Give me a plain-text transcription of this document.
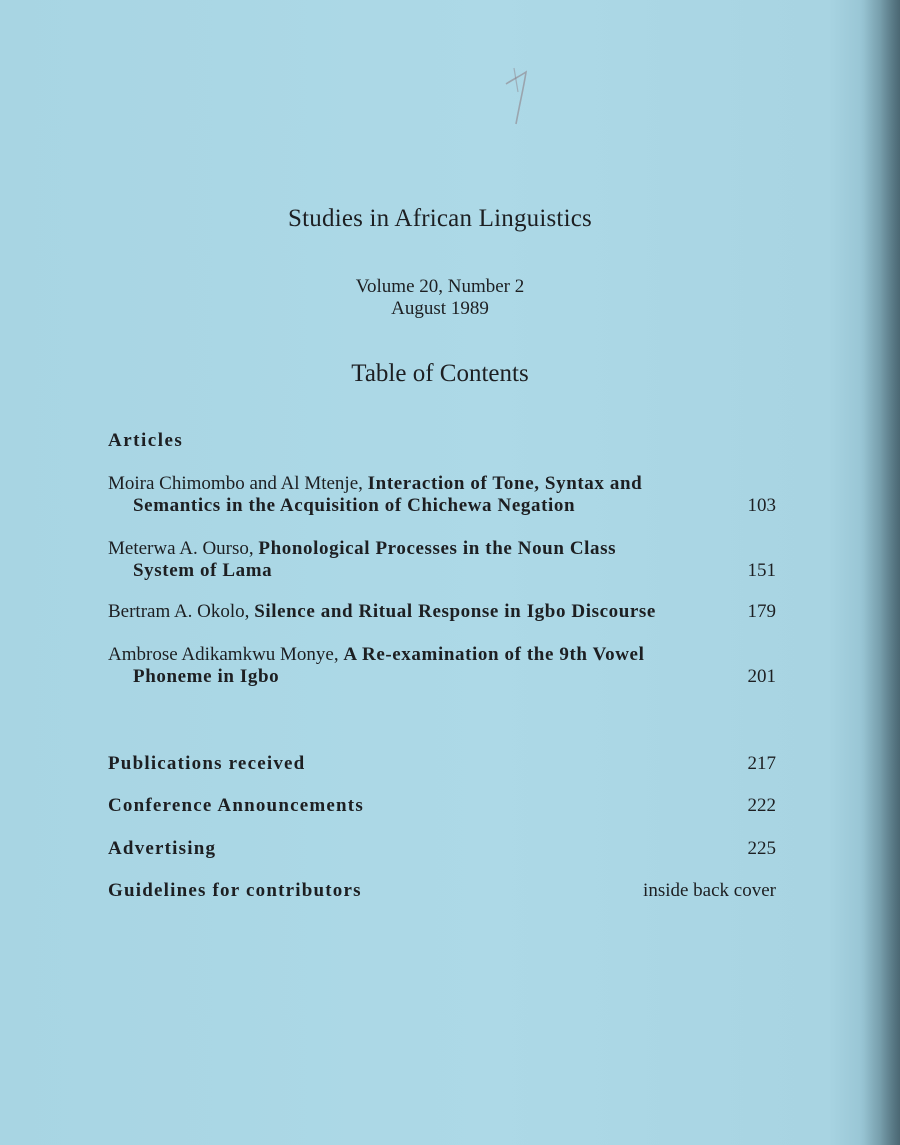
Studies in African Linguistics
Volume 20, Number 2
August 1989
Table of Contents
Articles
Moira Chimombo and Al Mtenje, Interaction of Tone, Syntax and
Semantics in the Acquisition of Chichewa Negation	103
Meterwa A. Ourso, Phonological Processes in the Noun Class
System of Lama	151
Bertram A. Okolo, Silence and Ritual Response in Igbo Discourse	179
Ambrose Adikamkwu Monye, A Re-examination of the 9th Vowel
Phoneme in Igbo	201
Publications received	217
Conference Announcements	222
Advertising	225
Guidelines for contributors	inside back cover
